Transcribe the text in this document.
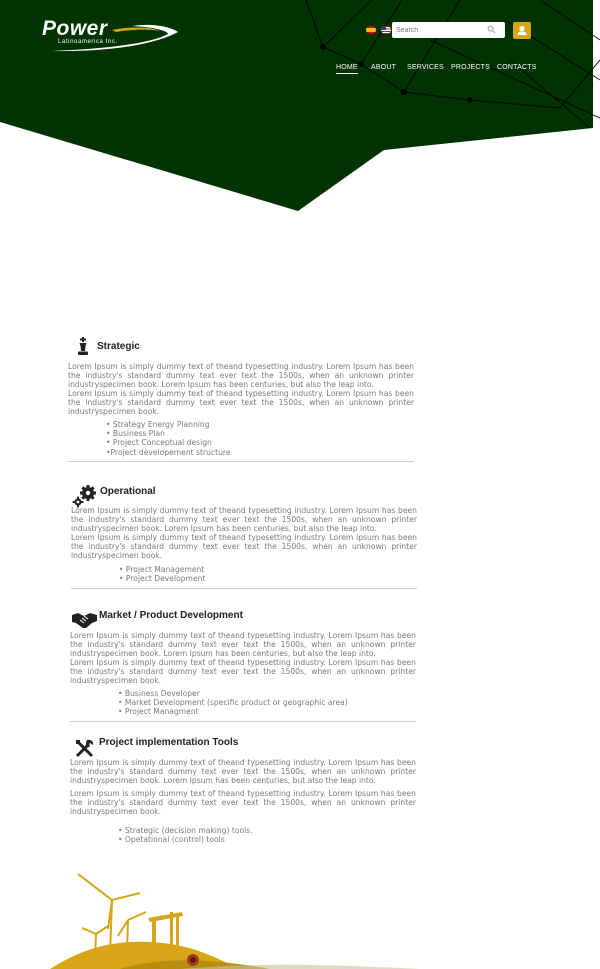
Power
Latinoamerica Inc.
Search
HOME ABOUT SERVICES PROJECTS CONTACTS
Strategic

Lorem Ipsum is simply dummy text of theand typesetting industry. Lorem Ipsum has been the industry's standard dummy text ever text the 1500s, when an unknown printer industryspecimen book. Lorem Ipsum has been centuries, but also the leap into.

Lorem Ipsum is simply dummy text of theand typesetting industry. Lorem Ipsum has been the industry's standard dummy text ever text the 1500s, when an unknown printer industryspecimen book.

• Strategy Energy Planning
• Business Plan
• Project Conceptual design
•Project developement structure
Operational

Lorem Ipsum is simply dummy text of theand typesetting industry. Lorem Ipsum has been the industry's standard dummy text ever text the 1500s, when an unknown printer industryspecimen book. Lorem Ipsum has been centuries, but also the leap into.

Lorem Ipsum is simply dummy text of theand typesetting industry. Lorem Ipsum has been the industry's standard dummy text ever text the 1500s, when an unknown printer industryspecimen book.

• Project Management
• Project Development
Market / Product Development

Lorem Ipsum is simply dummy text of theand typesetting industry. Lorem Ipsum has been the industry's standard dummy text ever text the 1500s, when an unknown printer industryspecimen book. Lorem Ipsum has been centuries, but also the leap into.

Lorem Ipsum is simply dummy text of theand typesetting industry. Lorem Ipsum has been the industry's standard dummy text ever text the 1500s, when an unknown printer industryspecimen book.

• Business Developer
• Market Development (specific product or geographic area)
• Project Managment
Project implementation Tools

Lorem Ipsum is simply dummy text of theand typesetting industry. Lorem Ipsum has been the industry's standard dummy text ever text the 1500s, when an unknown printer industryspecimen book. Lorem Ipsum has been centuries, but also the leap into.

Lorem Ipsum is simply dummy text of theand typesetting industry. Lorem Ipsum has been the industry's standard dummy text ever text the 1500s, when an unknown printer industryspecimen book.

• Strategic (decision making) tools.
• Opetational (control) tools
